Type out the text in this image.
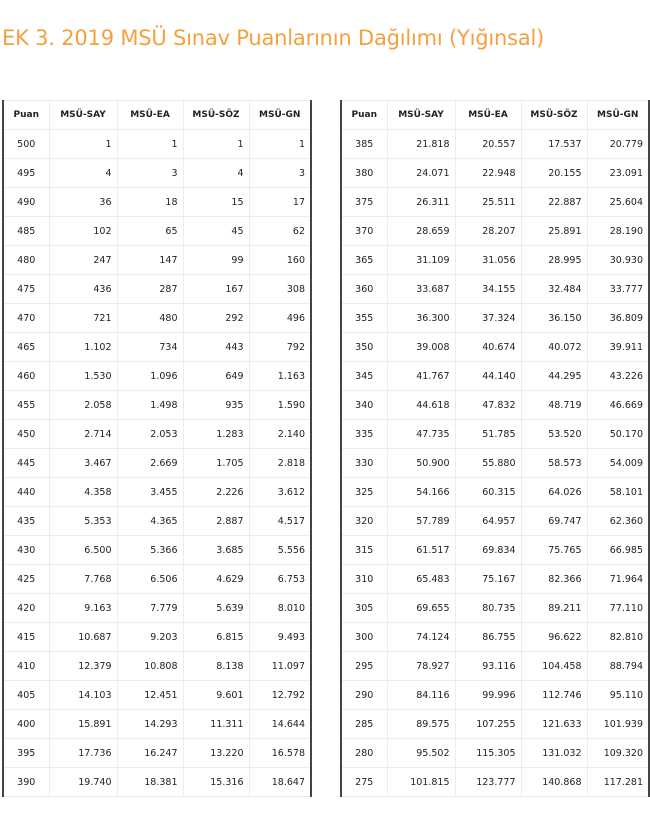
EK 3. 2019 MSÜ Sınav Puanlarının Dağılımı (Yığınsal)
Puan	MSÜ-SAY	MSÜ-EA	MSÜ-SÖZ	MSÜ-GN
500	1	1	1	1
495	4	3	4	3
490	36	18	15	17
485	102	65	45	62
480	247	147	99	160
475	436	287	167	308
470	721	480	292	496
465	1.102	734	443	792
460	1.530	1.096	649	1.163
455	2.058	1.498	935	1.590
450	2.714	2.053	1.283	2.140
445	3.467	2.669	1.705	2.818
440	4.358	3.455	2.226	3.612
435	5.353	4.365	2.887	4.517
430	6.500	5.366	3.685	5.556
425	7.768	6.506	4.629	6.753
420	9.163	7.779	5.639	8.010
415	10.687	9.203	6.815	9.493
410	12.379	10.808	8.138	11.097
405	14.103	12.451	9.601	12.792
400	15.891	14.293	11.311	14.644
395	17.736	16.247	13.220	16.578
390	19.740	18.381	15.316	18.647
Puan	MSÜ-SAY	MSÜ-EA	MSÜ-SÖZ	MSÜ-GN
385	21.818	20.557	17.537	20.779
380	24.071	22.948	20.155	23.091
375	26.311	25.511	22.887	25.604
370	28.659	28.207	25.891	28.190
365	31.109	31.056	28.995	30.930
360	33.687	34.155	32.484	33.777
355	36.300	37.324	36.150	36.809
350	39.008	40.674	40.072	39.911
345	41.767	44.140	44.295	43.226
340	44.618	47.832	48.719	46.669
335	47.735	51.785	53.520	50.170
330	50.900	55.880	58.573	54.009
325	54.166	60.315	64.026	58.101
320	57.789	64.957	69.747	62.360
315	61.517	69.834	75.765	66.985
310	65.483	75.167	82.366	71.964
305	69.655	80.735	89.211	77.110
300	74.124	86.755	96.622	82.810
295	78.927	93.116	104.458	88.794
290	84.116	99.996	112.746	95.110
285	89.575	107.255	121.633	101.939
280	95.502	115.305	131.032	109.320
275	101.815	123.777	140.868	117.281
